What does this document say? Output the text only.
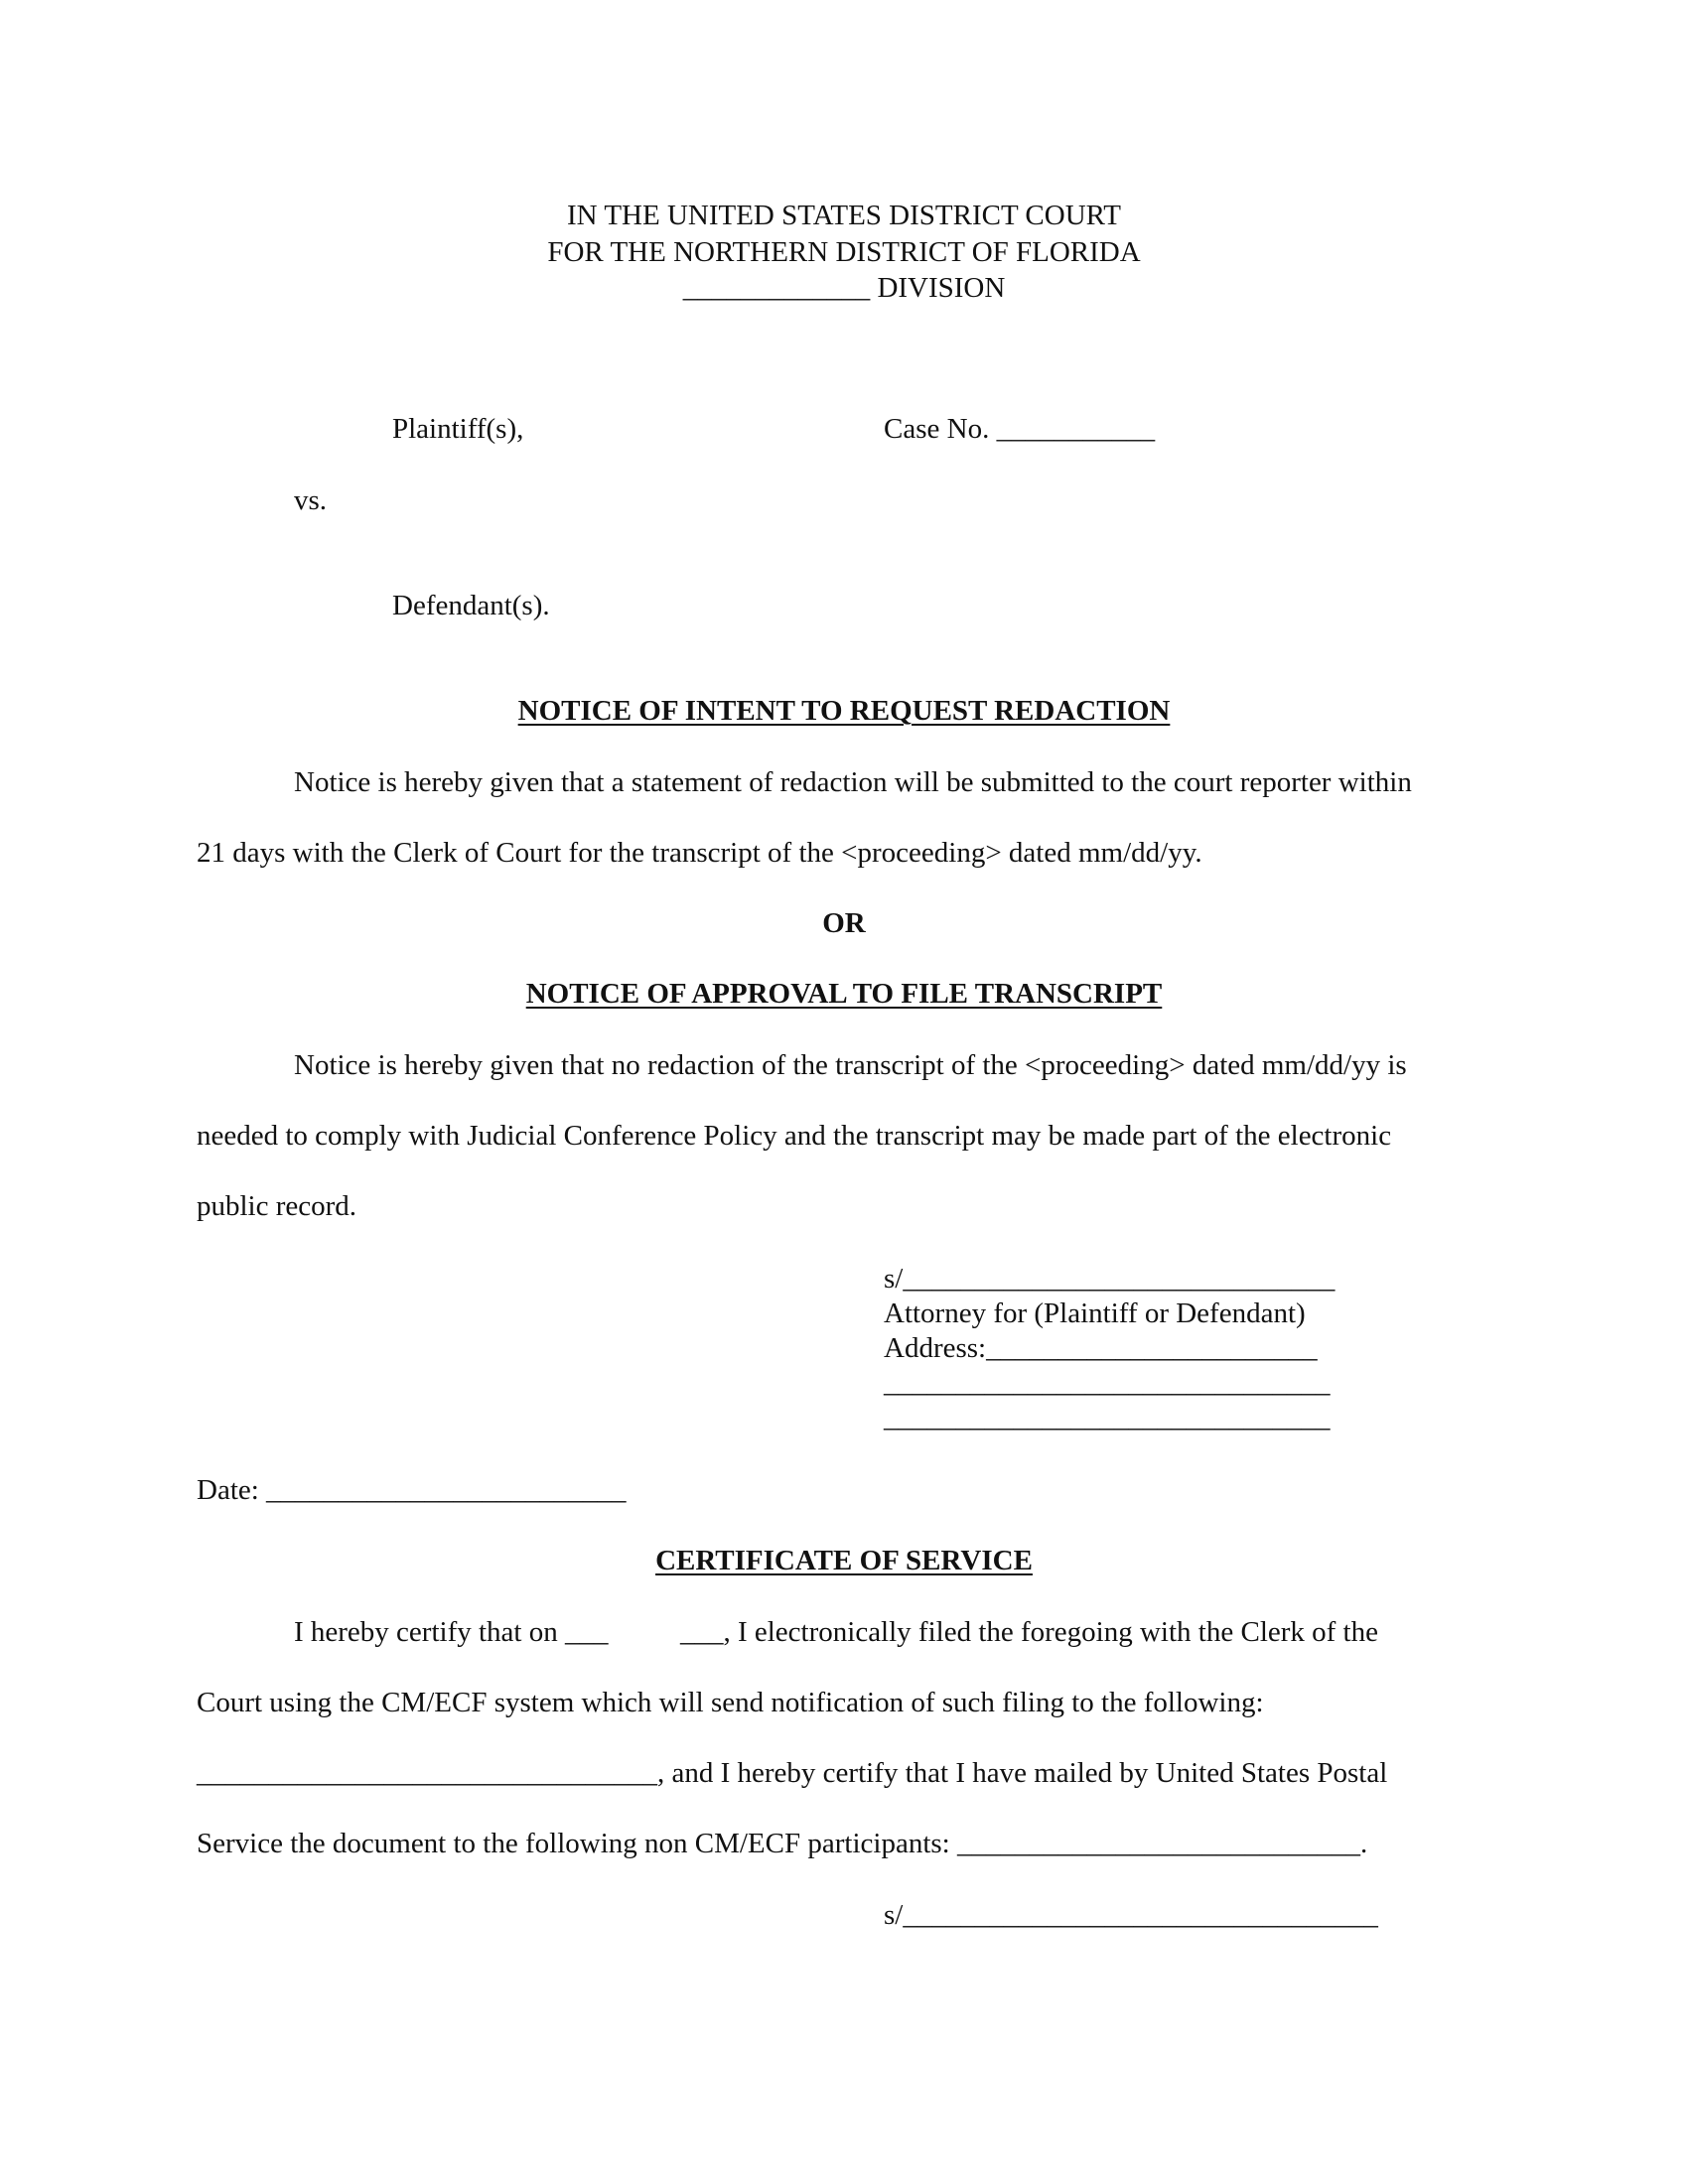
IN THE UNITED STATES DISTRICT COURT
FOR THE NORTHERN DISTRICT OF FLORIDA
_____________ DIVISION
Plaintiff(s),	Case No. ___________
vs.
Defendant(s).
NOTICE OF INTENT TO REQUEST REDACTION
Notice is hereby given that a statement of redaction will be submitted to the court reporter within
21 days with the Clerk of Court for the transcript of the <proceeding> dated mm/dd/yy.
OR
NOTICE OF APPROVAL TO FILE TRANSCRIPT
Notice is hereby given that no redaction of the transcript of the <proceeding> dated mm/dd/yy is
needed to comply with Judicial Conference Policy and the transcript may be made part of the electronic
public record.
s/______________________________
Attorney for (Plaintiff or Defendant)
Address:_______________________
_______________________________
_______________________________
Date: _________________________
CERTIFICATE OF SERVICE
I hereby certify that on ___          ___, I electronically filed the foregoing with the Clerk of the
Court using the CM/ECF system which will send notification of such filing to the following:
________________________________, and I hereby certify that I have mailed by United States Postal
Service the document to the following non CM/ECF participants: ____________________________.
s/_________________________________
